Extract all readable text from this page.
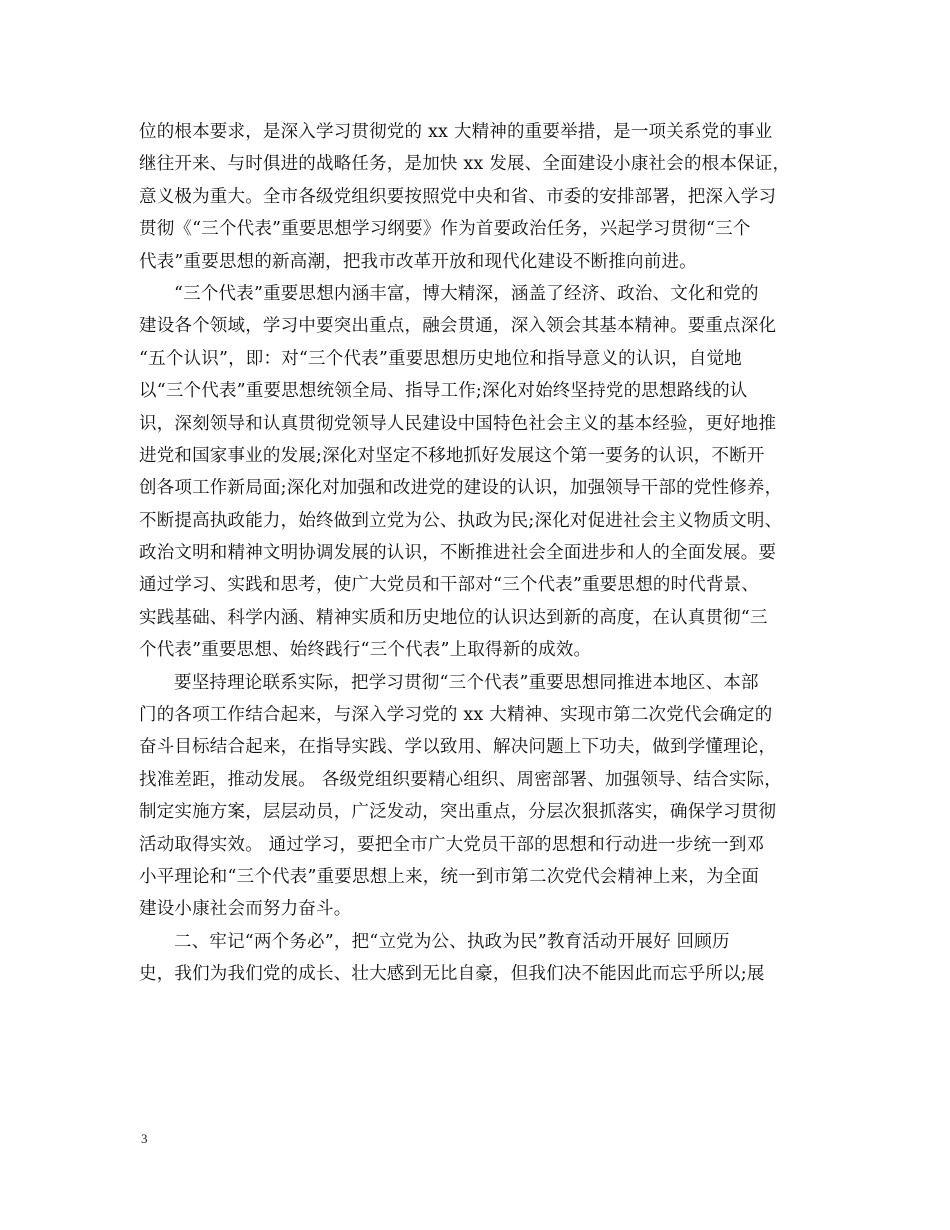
位的根本要求，是深入学习贯彻党的 xx 大精神的重要举措，是一项关系党的事业
继往开来、与时俱进的战略任务，是加快 xx 发展、全面建设小康社会的根本保证，
意义极为重大。全市各级党组织要按照党中央和省、市委的安排部署，把深入学习
贯彻《“三个代表”重要思想学习纲要》作为首要政治任务，兴起学习贯彻“三个
代表”重要思想的新高潮，把我市改革开放和现代化建设不断推向前进。
“三个代表”重要思想内涵丰富，博大精深，涵盖了经济、政治、文化和党的
建设各个领域，学习中要突出重点，融会贯通，深入领会其基本精神。要重点深化
“五个认识”，即：对“三个代表”重要思想历史地位和指导意义的认识，自觉地
以“三个代表”重要思想统领全局、指导工作;深化对始终坚持党的思想路线的认
识，深刻领导和认真贯彻党领导人民建设中国特色社会主义的基本经验，更好地推
进党和国家事业的发展;深化对坚定不移地抓好发展这个第一要务的认识，不断开
创各项工作新局面;深化对加强和改进党的建设的认识，加强领导干部的党性修养，
不断提高执政能力，始终做到立党为公、执政为民;深化对促进社会主义物质文明、
政治文明和精神文明协调发展的认识，不断推进社会全面进步和人的全面发展。要
通过学习、实践和思考，使广大党员和干部对“三个代表”重要思想的时代背景、
实践基础、科学内涵、精神实质和历史地位的认识达到新的高度，在认真贯彻“三
个代表”重要思想、始终践行“三个代表”上取得新的成效。
要坚持理论联系实际，把学习贯彻“三个代表”重要思想同推进本地区、本部
门的各项工作结合起来，与深入学习党的 xx 大精神、实现市第二次党代会确定的
奋斗目标结合起来，在指导实践、学以致用、解决问题上下功夫，做到学懂理论，
找准差距，推动发展。 各级党组织要精心组织、周密部署、加强领导、结合实际，
制定实施方案，层层动员，广泛发动，突出重点，分层次狠抓落实，确保学习贯彻
活动取得实效。 通过学习，要把全市广大党员干部的思想和行动进一步统一到邓
小平理论和“三个代表”重要思想上来，统一到市第二次党代会精神上来，为全面
建设小康社会而努力奋斗。
二、牢记“两个务必”，把“立党为公、执政为民”教育活动开展好 回顾历
史，我们为我们党的成长、壮大感到无比自豪，但我们决不能因此而忘乎所以;展
3
